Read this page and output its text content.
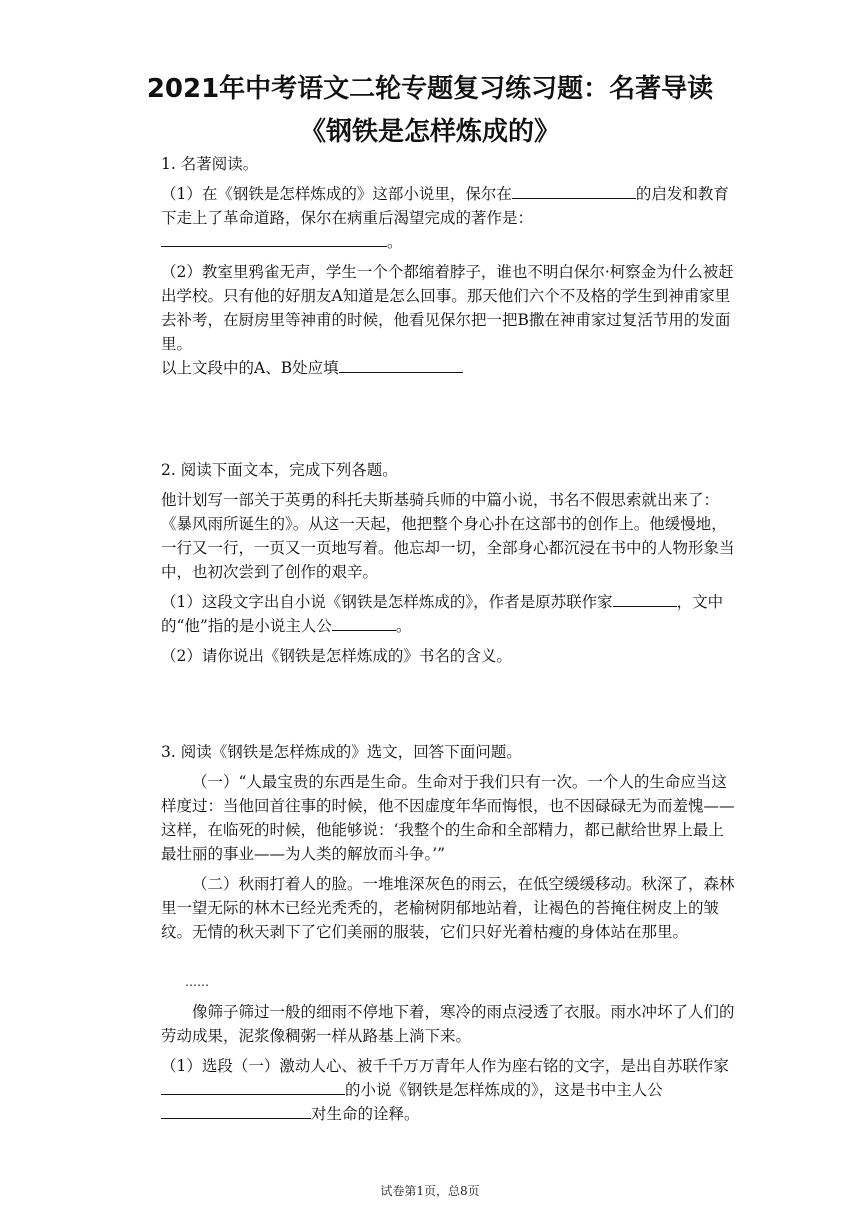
2021年中考语文二轮专题复习练习题：名著导读
《钢铁是怎样炼成的》

1. 名著阅读。

（1）在《钢铁是怎样炼成的》这部小说里，保尔在	的启发和教育下走上了革命道路，保尔在病重后渴望完成的著作是：。

（2）教室里鸦雀无声，学生一个个都缩着脖子，谁也不明白保尔·柯察金为什么被赶出学校。只有他的好朋友A知道是怎么回事。那天他们六个不及格的学生到神甫家里去补考，在厨房里等神甫的时候，他看见保尔把一把B撒在神甫家过复活节用的发面里。

以上文段中的A、B处应填

2. 阅读下面文本，完成下列各题。

他计划写一部关于英勇的科托夫斯基骑兵师的中篇小说，书名不假思索就出来了：《暴风雨所诞生的》。从这一天起，他把整个身心扑在这部书的创作上。他缓慢地，一行又一行，一页又一页地写着。他忘却一切，全部身心都沉浸在书中的人物形象当中，也初次尝到了创作的艰辛。

（1）这段文字出自小说《钢铁是怎样炼成的》，作者是原苏联作家	，文中的“他”指的是小说主人公	。

（2）请你说出《钢铁是怎样炼成的》书名的含义。

3. 阅读《钢铁是怎样炼成的》选文，回答下面问题。

（一）“人最宝贵的东西是生命。生命对于我们只有一次。一个人的生命应当这样度过：当他回首往事的时候，他不因虚度年华而悔恨，也不因碌碌无为而羞愧——这样，在临死的时候，他能够说：‘我整个的生命和全部精力，都已献给世界上最上最壮丽的事业——为人类的解放而斗争。’”

（二）秋雨打着人的脸。一堆堆深灰色的雨云，在低空缓缓移动。秋深了，森林里一望无际的林木已经光秃秃的，老榆树阴郁地站着，让褐色的苔掩住树皮上的皱纹。无情的秋天剥下了它们美丽的服装，它们只好光着枯瘦的身体站在那里。

……

像筛子筛过一般的细雨不停地下着，寒冷的雨点浸透了衣服。雨水冲坏了人们的劳动成果，泥浆像稠粥一样从路基上淌下来。

（1）选段（一）激动人心、被千千万万青年人作为座右铭的文字，是出自苏联作家的小说《钢铁是怎样炼成的》，这是书中主人公对生命的诠释。

试卷第1页，总8页
